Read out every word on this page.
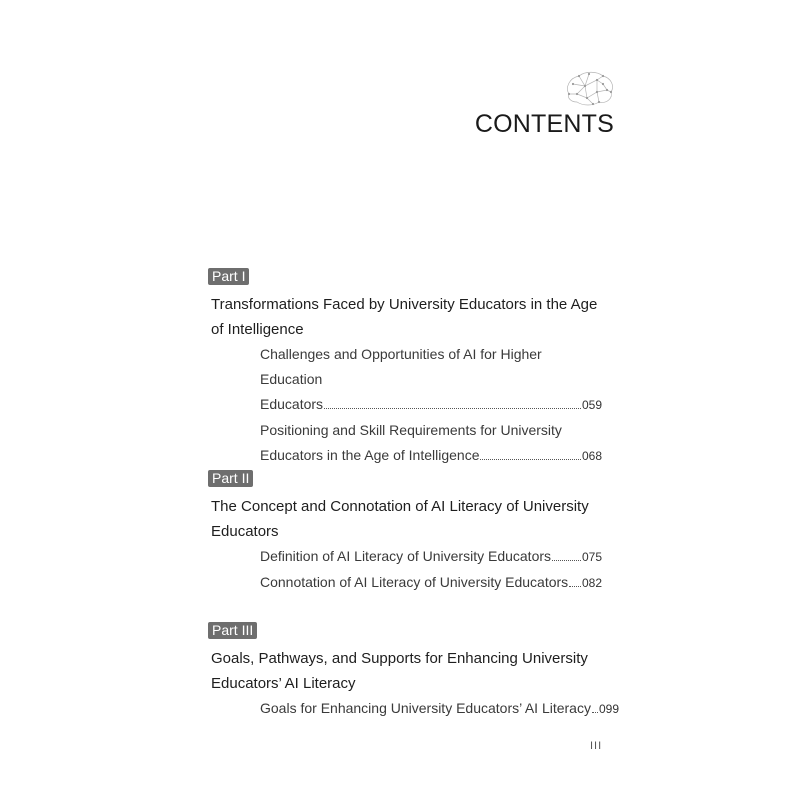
CONTENTS
Part I
Transformations Faced by University Educators in the Age
of Intelligence
Challenges and Opportunities of AI for Higher Education
Educators	059
Positioning and Skill Requirements for University
Educators in the Age of Intelligence	068
Part II
The Concept and Connotation of AI Literacy of University
Educators
Definition of AI Literacy of University Educators	075
Connotation of AI Literacy of University Educators 082
Part III
Goals, Pathways, and Supports for Enhancing University
Educators’ AI Literacy
Goals for Enhancing University Educators’ AI Literacy 099
III
